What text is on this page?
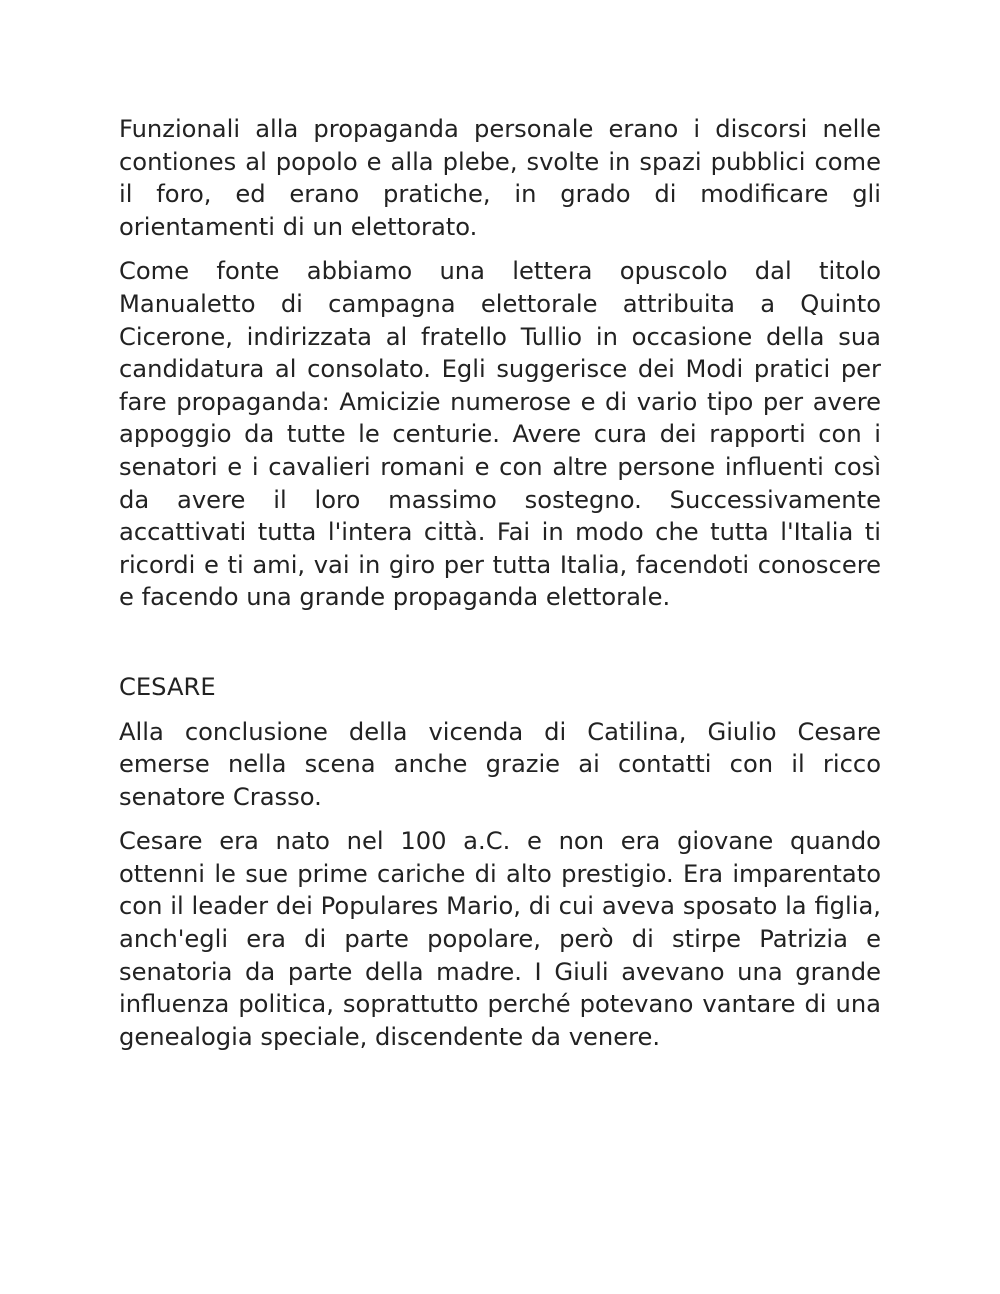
Funzionali alla propaganda personale erano i discorsi nelle contiones al popolo e alla plebe, svolte in spazi pubblici come il foro, ed erano pratiche, in grado di modificare gli orientamenti di un elettorato.

Come fonte abbiamo una lettera opuscolo dal titolo Manualetto di campagna elettorale attribuita a Quinto Cicerone, indirizzata al fratello Tullio in occasione della sua candidatura al consolato. Egli suggerisce dei Modi pratici per fare propaganda: Amicizie numerose e di vario tipo per avere appoggio da tutte le centurie. Avere cura dei rapporti con i senatori e i cavalieri romani e con altre persone influenti così da avere il loro massimo sostegno. Successivamente accattivati tutta l'intera città. Fai in modo che tutta l'Italia ti ricordi e ti ami, vai in giro per tutta Italia, facendoti conoscere e facendo una grande propaganda elettorale.

CESARE

Alla conclusione della vicenda di Catilina, Giulio Cesare emerse nella scena anche grazie ai contatti con il ricco senatore Crasso.

Cesare era nato nel 100 a.C. e non era giovane quando ottenni le sue prime cariche di alto prestigio. Era imparentato con il leader dei Populares Mario, di cui aveva sposato la figlia, anch'egli era di parte popolare, però di stirpe Patrizia e senatoria da parte della madre. I Giuli avevano una grande influenza politica, soprattutto perché potevano vantare di una genealogia speciale, discendente da venere.
